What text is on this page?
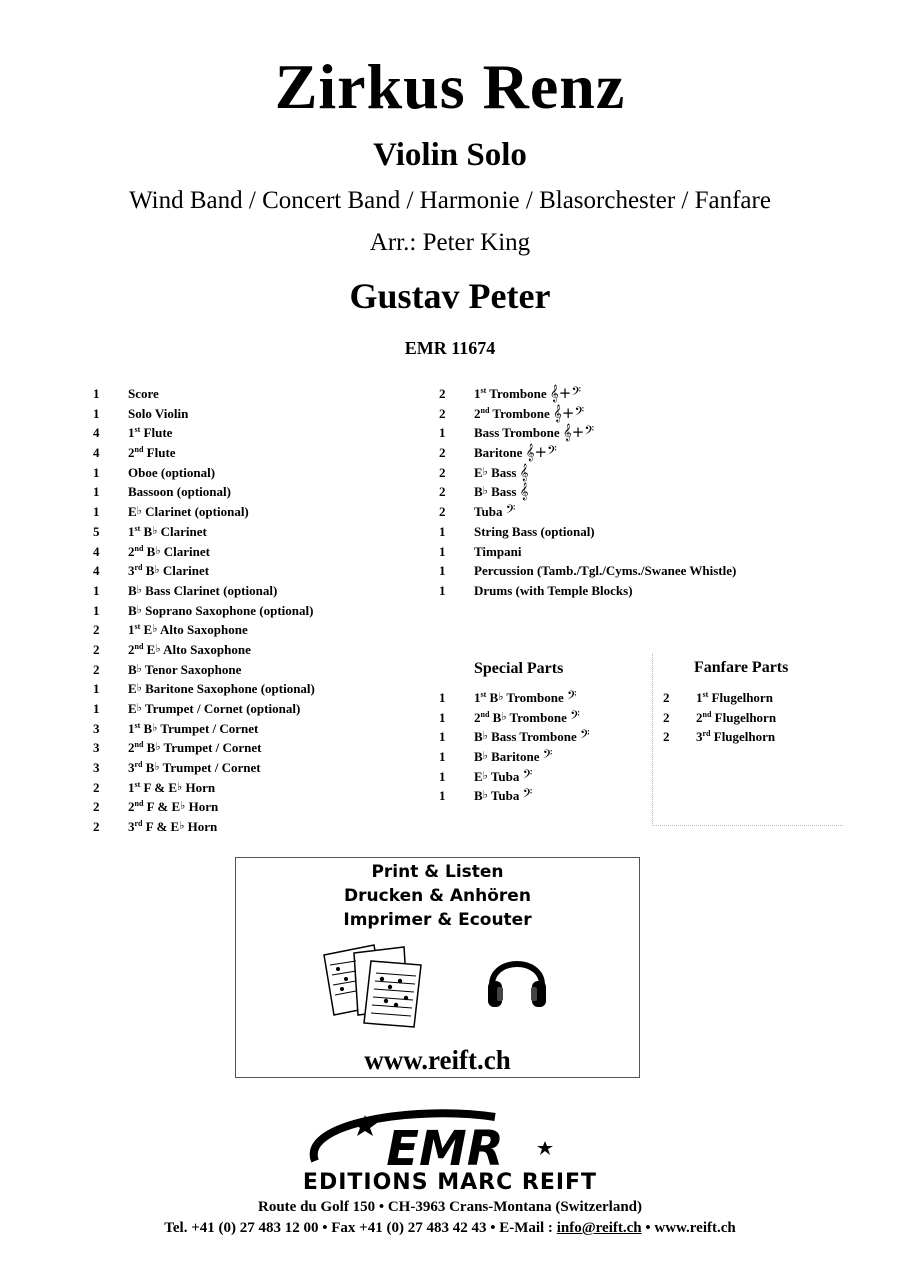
Zirkus Renz
Violin Solo
Wind Band / Concert Band / Harmonie / Blasorchester / Fanfare
Arr.: Peter King
Gustav Peter
EMR 11674
1 Score
1 Solo Violin
4 1st Flute
4 2nd Flute
1 Oboe (optional)
1 Bassoon (optional)
1 E♭ Clarinet (optional)
5 1st B♭ Clarinet
4 2nd B♭ Clarinet
4 3rd B♭ Clarinet
1 B♭ Bass Clarinet (optional)
1 B♭ Soprano Saxophone (optional)
2 1st E♭ Alto Saxophone
2 2nd E♭ Alto Saxophone
2 B♭ Tenor Saxophone
1 E♭ Baritone Saxophone (optional)
1 E♭ Trumpet / Cornet (optional)
3 1st B♭ Trumpet / Cornet
3 2nd B♭ Trumpet / Cornet
3 3rd B♭ Trumpet / Cornet
2 1st F & E♭ Horn
2 2nd F & E♭ Horn
2 3rd F & E♭ Horn
2 1st Trombone 𝄞+𝄢
2 2nd Trombone 𝄞+𝄢
1 Bass Trombone 𝄞+𝄢
2 Baritone 𝄞+𝄢
2 E♭ Bass 𝄞
2 B♭ Bass 𝄞
2 Tuba 𝄢
1 String Bass (optional)
1 Timpani
1 Percussion (Tamb./Tgl./Cyms./Swanee Whistle)
1 Drums (with Temple Blocks)
Special Parts
1 1st B♭ Trombone 𝄢
1 2nd B♭ Trombone 𝄢
1 B♭ Bass Trombone 𝄢
1 B♭ Baritone 𝄢
1 E♭ Tuba 𝄢
1 B♭ Tuba 𝄢
Fanfare Parts
2 1st Flugelhorn
2 2nd Flugelhorn
2 3rd Flugelhorn
Print & Listen
Drucken & Anhören
Imprimer & Ecouter
www.reift.ch
EMR
EDITIONS MARC REIFT
Route du Golf 150 • CH-3963 Crans-Montana (Switzerland)
Tel. +41 (0) 27 483 12 00 • Fax +41 (0) 27 483 42 43 • E-Mail : info@reift.ch • www.reift.ch
